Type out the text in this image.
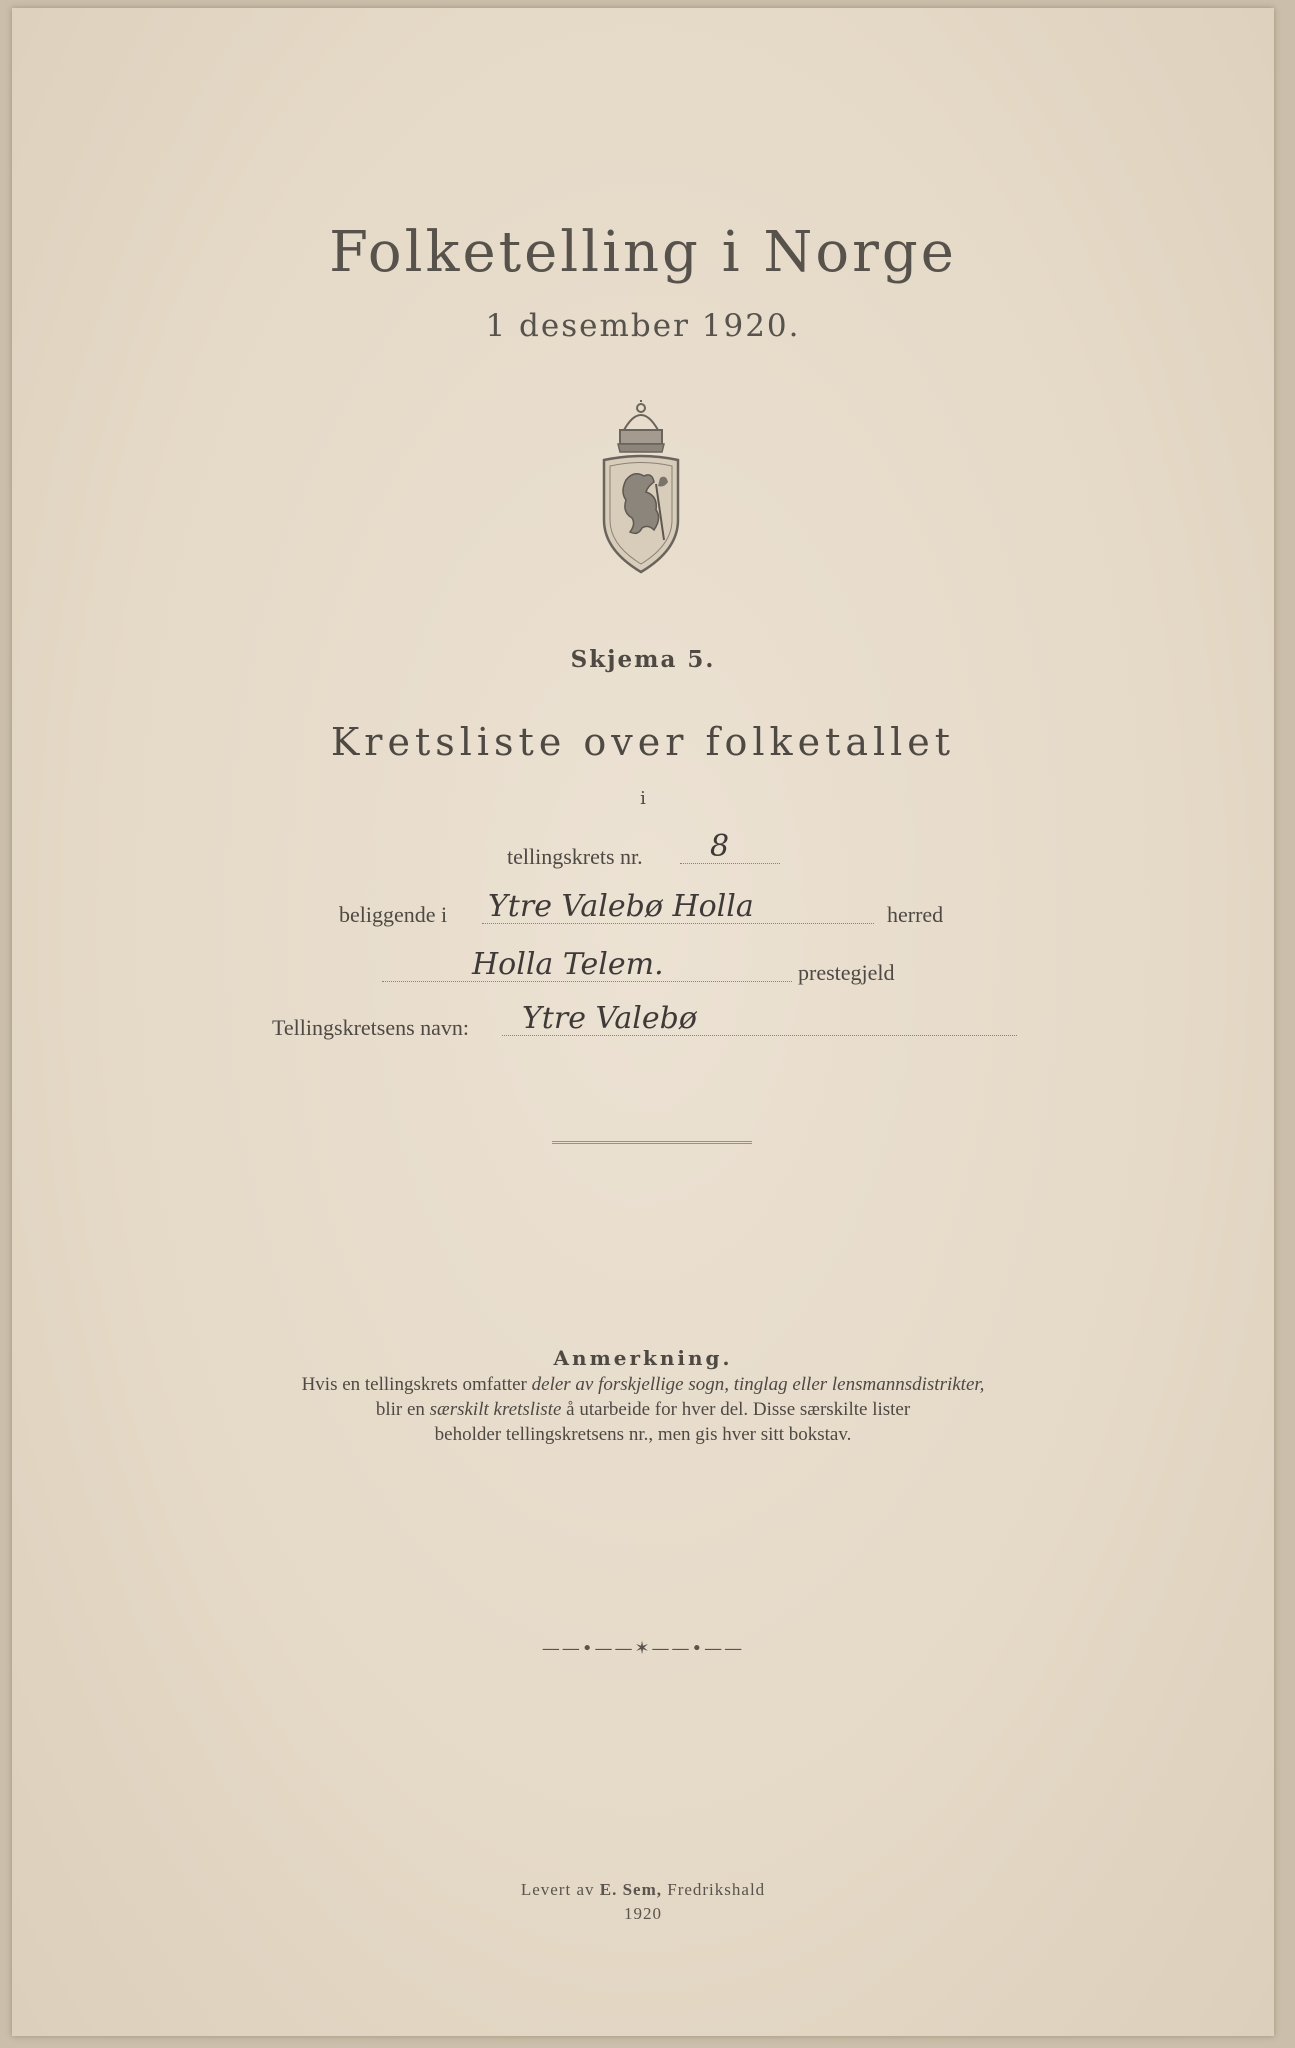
Folketelling i Norge
1 desember 1920.
Skjema 5.
Kretsliste over folketallet
i
tellingskrets nr.	8
beliggende i Ytre Valebø Holla	herred
Holla Telem.	prestegjeld
Tellingskretsens navn:	Ytre Valebø
Anmerkning.
Hvis en tellingskrets omfatter deler av forskjellige sogn, tinglag eller lensmannsdistrikter,
blir en særskilt kretsliste å utarbeide for hver del. Disse særskilte lister
beholder tellingskretsens nr., men gis hver sitt bokstav.
——•——✶——•——
Levert av E. Sem, Fredrikshald
1920
